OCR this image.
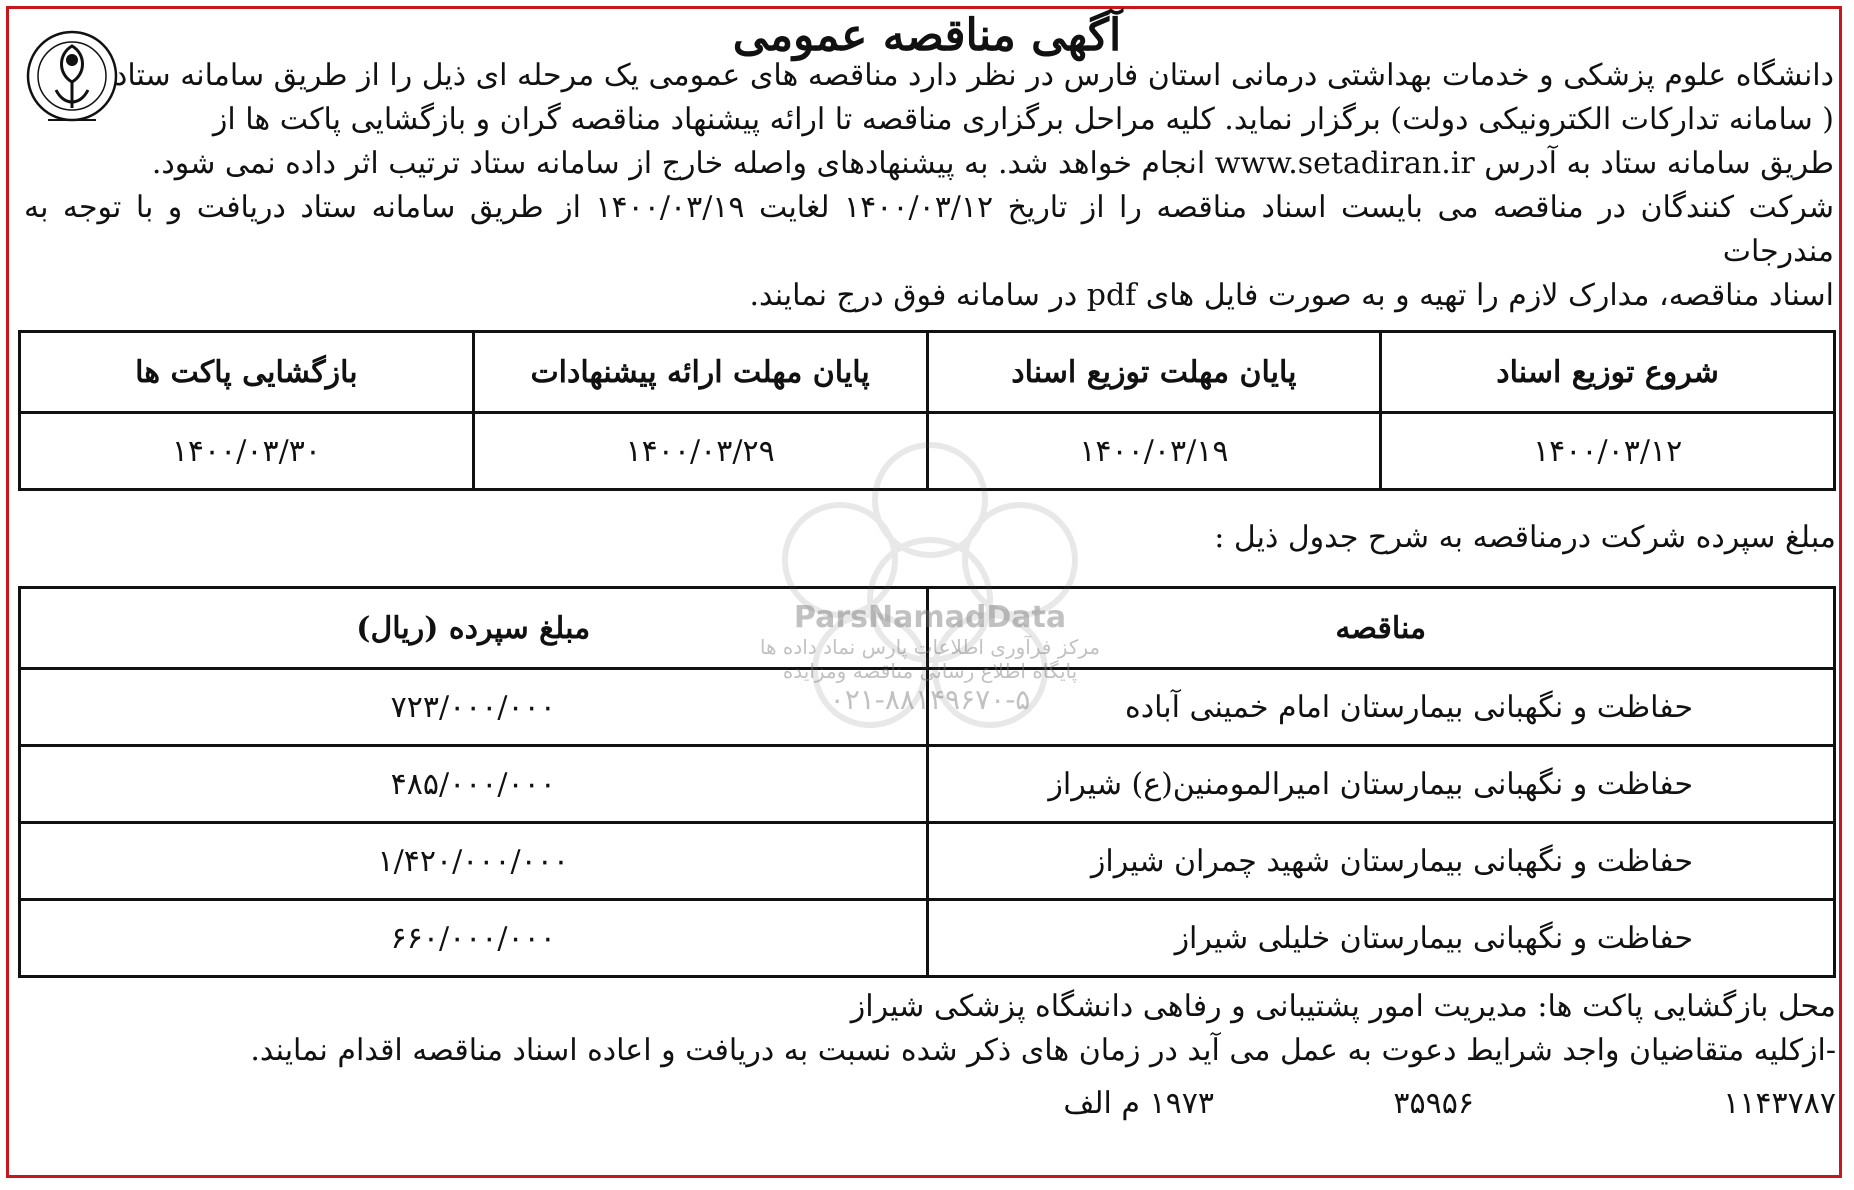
آگهی مناقصه عمومی

دانشگاه علوم پزشکی و خدمات بهداشتی درمانی استان فارس در نظر دارد مناقصه های عمومی یک مرحله ای ذیل را از طریق سامانه ستاد

( سامانه تدارکات الکترونیکی دولت) برگزار نماید. کلیه مراحل برگزاری مناقصه تا ارائه پیشنهاد مناقصه گران و بازگشایی پاکت ها از

طریق سامانه ستاد به آدرس www.setadiran.ir انجام خواهد شد. به پیشنهادهای واصله خارج از سامانه ستاد ترتیب اثر داده نمی شود.

شرکت کنندگان در مناقصه می بایست اسناد مناقصه را از تاریخ ۱۴۰۰/۰۳/۱۲ لغایت ۱۴۰۰/۰۳/۱۹ از طریق سامانه ستاد دریافت و با توجه به مندرجات

اسناد مناقصه، مدارک لازم را تهیه و به صورت فایل های pdf در سامانه فوق درج نمایند.

شروع توزیع اسناد	پایان مهلت توزیع اسناد	پایان مهلت ارائه پیشنهادات	بازگشایی پاکت ها
۱۴۰۰/۰۳/۱۲	۱۴۰۰/۰۳/۱۹	۱۴۰۰/۰۳/۲۹	۱۴۰۰/۰۳/۳۰
مبلغ سپرده شرکت درمناقصه به شرح جدول ذیل :
مناقصه	مبلغ سپرده (ریال)
حفاظت و نگهبانی بیمارستان امام خمینی آباده	۷۲۳/۰۰۰/۰۰۰
حفاظت و نگهبانی بیمارستان امیرالمومنین(ع) شیراز	۴۸۵/۰۰۰/۰۰۰
حفاظت و نگهبانی بیمارستان شهید چمران شیراز	۱/۴۲۰/۰۰۰/۰۰۰
حفاظت و نگهبانی بیمارستان خلیلی شیراز	۶۶۰/۰۰۰/۰۰۰

محل بازگشایی پاکت ها: مدیریت امور پشتیبانی و رفاهی دانشگاه پزشکی شیراز

-ازکلیه متقاضیان واجد شرایط دعوت به عمل می آید در زمان های ذکر شده نسبت به دریافت و اعاده اسناد مناقصه اقدام نمایند.

۱۱۴۳۷۸۷
۳۵۹۵۶
۱۹۷۳ م الف
ParsNamadData
مرکز فرآوری اطلاعات پارس نماد داده ها
پایگاه اطلاع رسانی مناقصه ومزایده
۰۲۱-۸۸۱۴۹۶۷۰-۵
